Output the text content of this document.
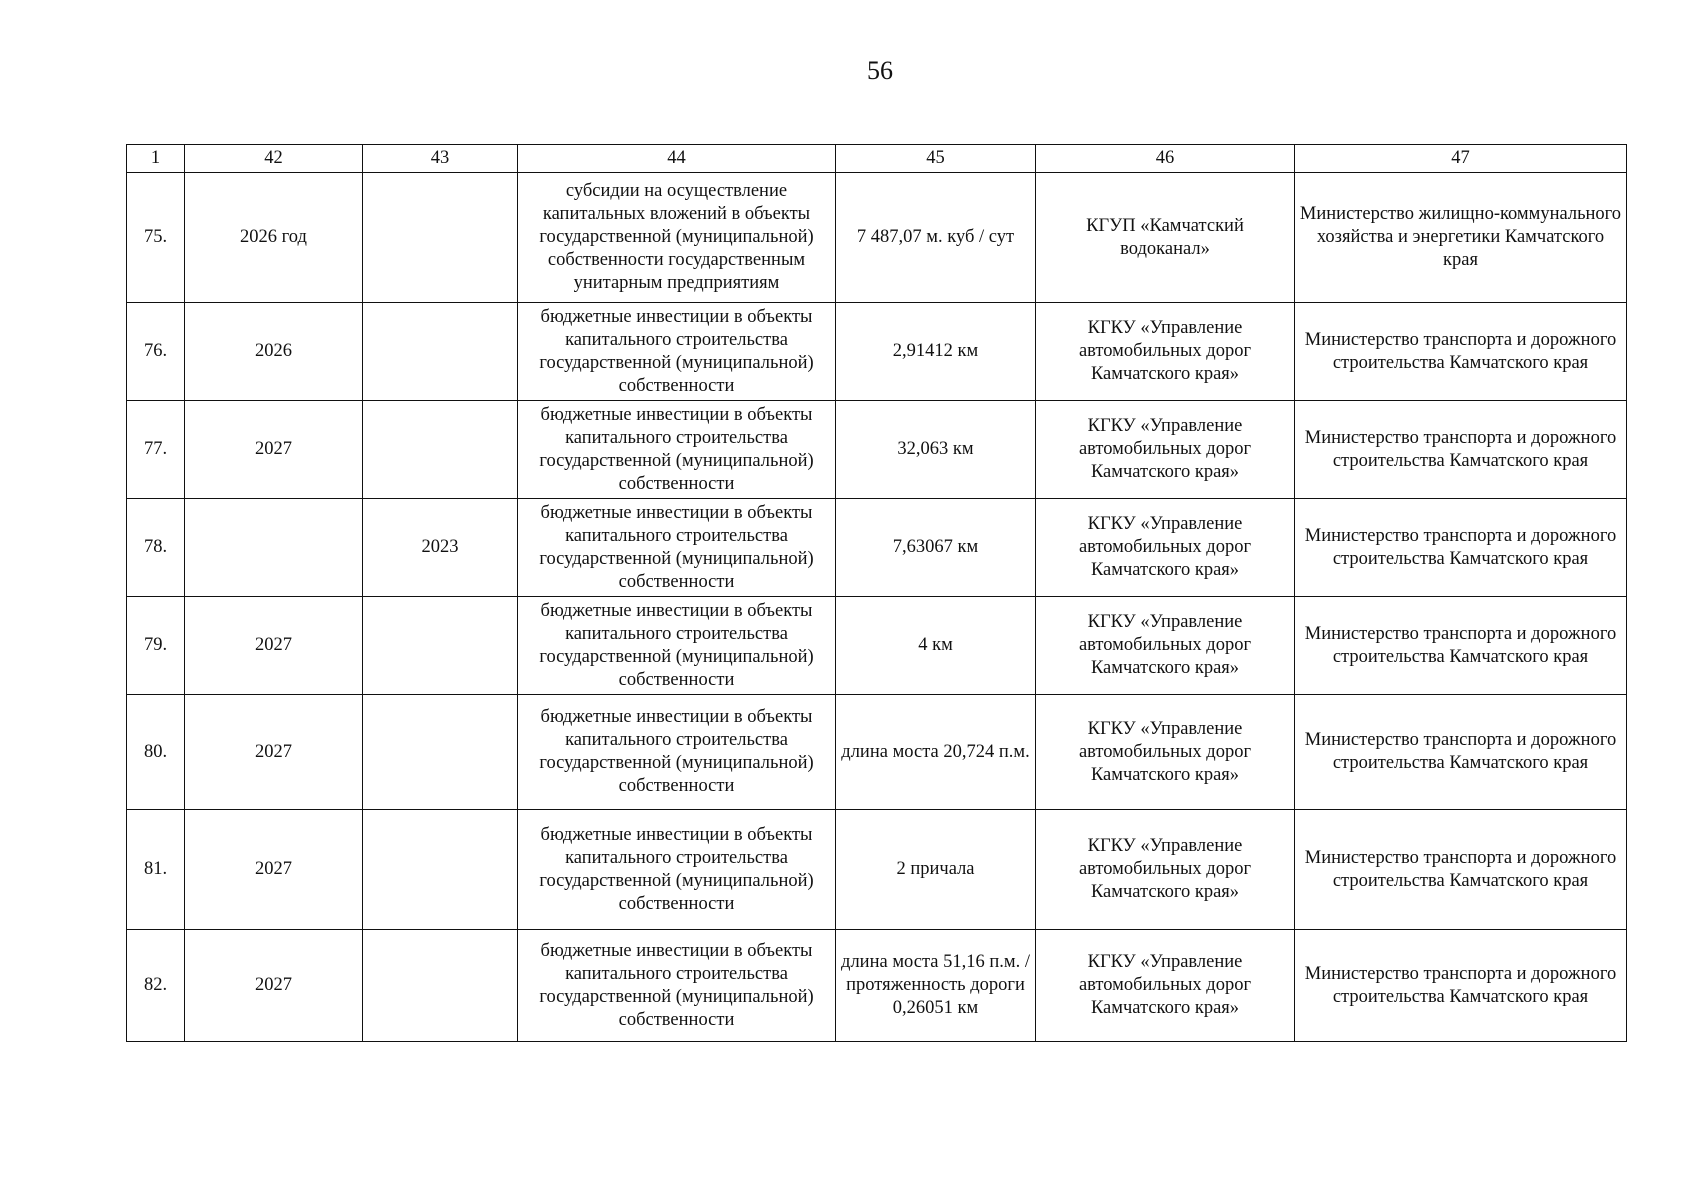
56
1	42	43	44	45	46	47
75.	2026 год		субсидии на осуществление капитальных вложений в объекты государственной (муниципальной) собственности государственным унитарным предприятиям	7 487,07 м. куб / сут	КГУП «Камчатский водоканал»	Министерство жилищно-коммунального хозяйства и энергетики Камчатского края
76.	2026		бюджетные инвестиции в объекты капитального строительства государственной (муниципальной) собственности	2,91412 км	КГКУ «Управление автомобильных дорог Камчатского края»	Министерство транспорта и дорожного строительства Камчатского края
77.	2027		бюджетные инвестиции в объекты капитального строительства государственной (муниципальной) собственности	32,063 км	КГКУ «Управление автомобильных дорог Камчатского края»	Министерство транспорта и дорожного строительства Камчатского края
78.		2023	бюджетные инвестиции в объекты капитального строительства государственной (муниципальной) собственности	7,63067 км	КГКУ «Управление автомобильных дорог Камчатского края»	Министерство транспорта и дорожного строительства Камчатского края
79.	2027		бюджетные инвестиции в объекты капитального строительства государственной (муниципальной) собственности	4 км	КГКУ «Управление автомобильных дорог Камчатского края»	Министерство транспорта и дорожного строительства Камчатского края
80.	2027		бюджетные инвестиции в объекты капитального строительства государственной (муниципальной) собственности	длина моста 20,724 п.м.	КГКУ «Управление автомобильных дорог Камчатского края»	Министерство транспорта и дорожного строительства Камчатского края
81.	2027		бюджетные инвестиции в объекты капитального строительства государственной (муниципальной) собственности	2 причала	КГКУ «Управление автомобильных дорог Камчатского края»	Министерство транспорта и дорожного строительства Камчатского края
82.	2027		бюджетные инвестиции в объекты капитального строительства государственной (муниципальной) собственности	длина моста 51,16 п.м. / протяженность дороги 0,26051 км	КГКУ «Управление автомобильных дорог Камчатского края»	Министерство транспорта и дорожного строительства Камчатского края
